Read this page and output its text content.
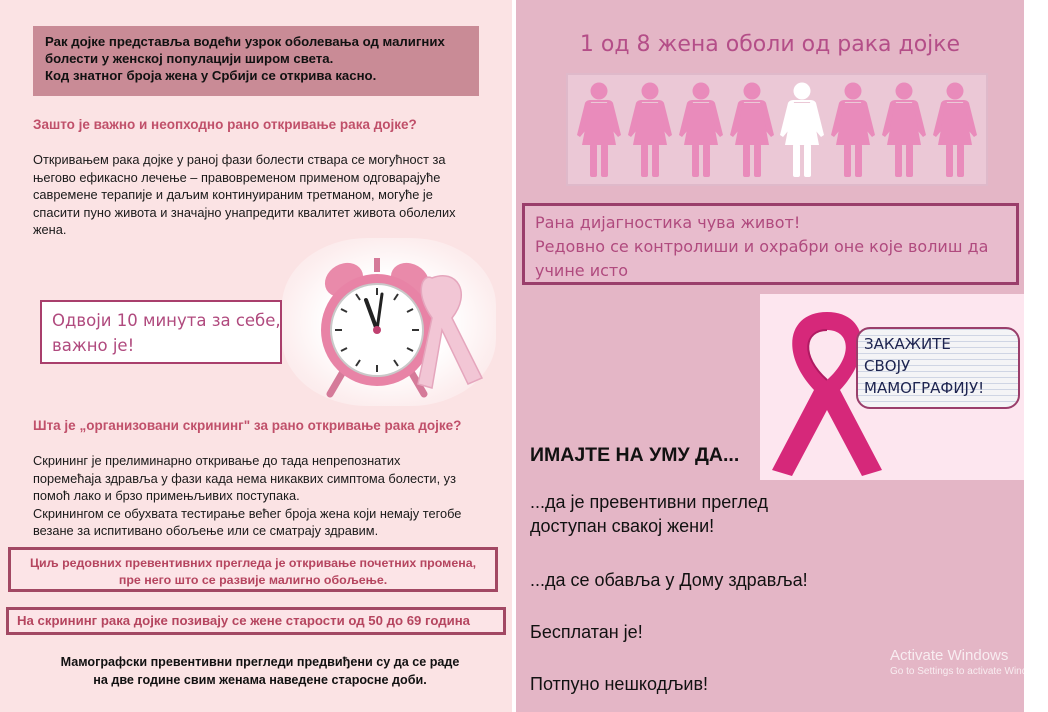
Рак дојке представља водећи узрок оболевања од малигних
болести у женској популацији широм света.
Код знатног броја жена у Србији се открива касно.
Зашто је важно и неопходно рано откривање рака дојке?
Откривањем рака дојке у раној фази болести ствара се могућност за
његово ефикасно лечење – правовременом применом одговарајуће
савремене терапије и даљим континуираним третманом, могуће је
спасити пуно живота и значајно унапредити квалитет живота оболелих
жена.
Одвоји 10 минута за себе,
важно је!
Шта је „организовани скрининг" за рано откривање рака дојке?
Скрининг је прелиминарно откривање до тада непрепознатих
поремећаја здравља у фази када нема никаквих симптома болести, уз
помоћ лако и брзо примењљивих поступака.
Скринингом се обухвата тестирање већег броја жена који немају тегобе
везане за испитивано обољење или се сматрају здравим.
Циљ редовних превентивних прегледа је откривање почетних промена,
пре него што се развије малигно обољење.
На скрининг рака дојке позивају се жене старости од 50 до 69 година
Мамографски превентивни прегледи предвиђени су да се раде
на две године свим женама наведене старосне доби.
1 од 8 жена оболи од рака дојке
Рана дијагностика чува живот!
Редовно се контролиши и охрабри оне које волиш да
учине исто
ЗАКАЖИТЕ
СВОЈУ
МАМОГРАФИЈУ!
ИМАЈТЕ НА УМУ ДА...
...да је превентивни преглед
доступан свакој жени!
...да се обавља у Дому здравља!
Бесплатан је!
Потпуно нешкодљив!
Activate Windows
Go to Settings to activate Windows.
